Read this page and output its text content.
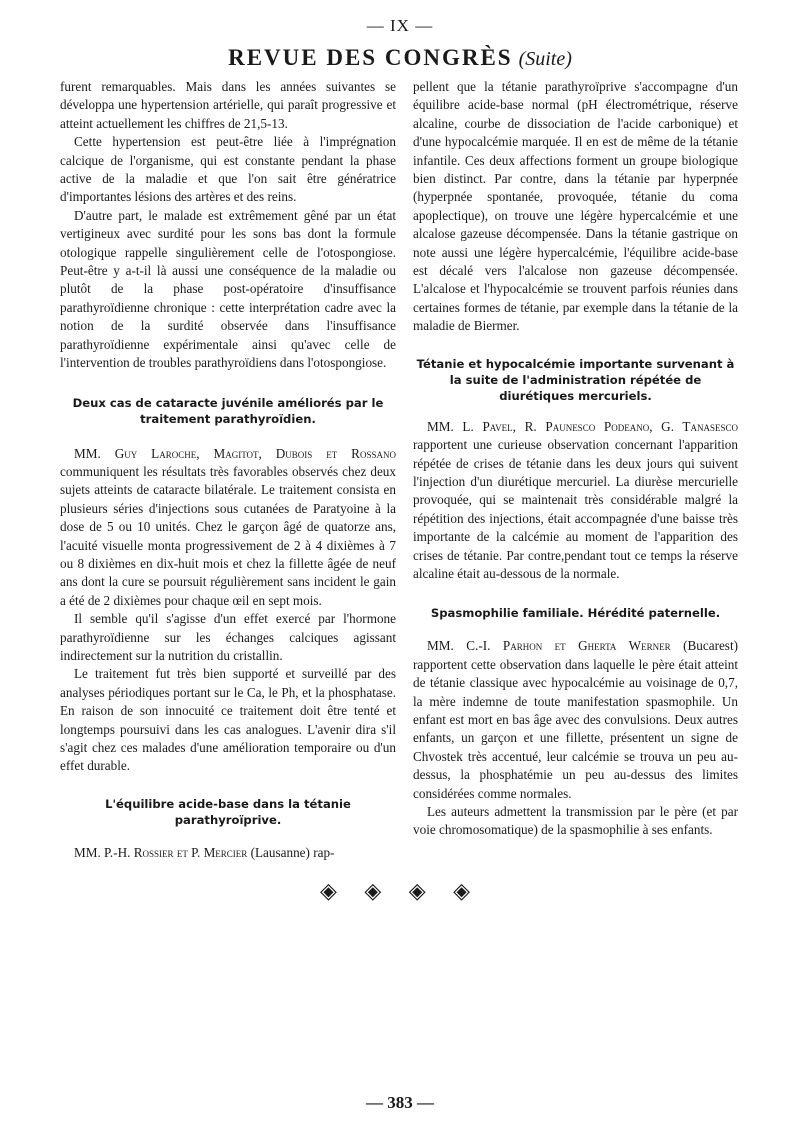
— IX —
REVUE DES CONGRÈS (Suite)

furent remarquables. Mais dans les années suivantes se développa une hypertension artérielle, qui paraît progressive et atteint actuellement les chiffres de 21,5-13.

Cette hypertension est peut-être liée à l'imprégnation calcique de l'organisme, qui est constante pendant la phase active de la maladie et que l'on sait être génératrice d'importantes lésions des artères et des reins.

D'autre part, le malade est extrêmement gêné par un état vertigineux avec surdité pour les sons bas dont la formule otologique rappelle singulièrement celle de l'otospongiose. Peut-être y a-t-il là aussi une conséquence de la maladie ou plutôt de la phase post-opératoire d'insuffisance parathyroïdienne chronique : cette interprétation cadre avec la notion de la surdité observée dans l'insuffisance parathyroïdienne expérimentale ainsi qu'avec celle de l'intervention de troubles parathyroïdiens dans l'otospongiose.

Deux cas de cataracte juvénile améliorés par le traitement parathyroïdien.

MM. Guy Laroche, Magitot, Dubois et Rossano communiquent les résultats très favorables observés chez deux sujets atteints de cataracte bilatérale. Le traitement consista en plusieurs séries d'injections sous cutanées de Paratyoine à la dose de 5 ou 10 unités. Chez le garçon âgé de quatorze ans, l'acuité visuelle monta progressivement de 2 à 4 dixièmes à 7 ou 8 dixièmes en dix-huit mois et chez la fillette âgée de neuf ans dont la cure se poursuit régulièrement sans incident le gain a été de 2 dixièmes pour chaque œil en sept mois.

Il semble qu'il s'agisse d'un effet exercé par l'hormone parathyroïdienne sur les échanges calciques agissant indirectement sur la nutrition du cristallin.

Le traitement fut très bien supporté et surveillé par des analyses périodiques portant sur le Ca, le Ph, et la phosphatase. En raison de son innocuité ce traitement doit être tenté et longtemps poursuivi dans les cas analogues. L'avenir dira s'il s'agit chez ces malades d'une amélioration temporaire ou d'un effet durable.

L'équilibre acide-base dans la tétanie parathyroïprive.

MM. P.-H. Rossier et P. Mercier (Lausanne) rap-

pellent que la tétanie parathyroïprive s'accompagne d'un équilibre acide-base normal (pH électrométrique, réserve alcaline, courbe de dissociation de l'acide carbonique) et d'une hypocalcémie marquée. Il en est de même de la tétanie infantile. Ces deux affections forment un groupe biologique bien distinct. Par contre, dans la tétanie par hyperpnée (hyperpnée spontanée, provoquée, tétanie du coma apoplectique), on trouve une légère hypercalcémie et une alcalose gazeuse décompensée. Dans la tétanie gastrique on note aussi une légère hypercalcémie, l'équilibre acide-base est décalé vers l'alcalose non gazeuse décompensée. L'alcalose et l'hypocalcémie se trouvent parfois réunies dans certaines formes de tétanie, par exemple dans la tétanie de la maladie de Biermer.

Tétanie et hypocalcémie importante survenant à la suite de l'administration répétée de diurétiques mercuriels.

MM. L. Pavel, R. Paunesco Podeano, G. Tanasesco rapportent une curieuse observation concernant l'apparition répétée de crises de tétanie dans les deux jours qui suivent l'injection d'un diurétique mercuriel. La diurèse mercurielle provoquée, qui se maintenait très considérable malgré la répétition des injections, était accompagnée d'une baisse très importante de la calcémie au moment de l'apparition des crises de tétanie. Par contre,pendant tout ce temps la réserve alcaline était au-dessous de la normale.

Spasmophilie familiale. Hérédité paternelle.

MM. C.-I. Parhon et Gherta Werner (Bucarest) rapportent cette observation dans laquelle le père était atteint de tétanie classique avec hypocalcémie au voisinage de 0,7, la mère indemne de toute manifestation spasmophile. Un enfant est mort en bas âge avec des convulsions. Deux autres enfants, un garçon et une fillette, présentent un signe de Chvostek très accentué, leur calcémie se trouva un peu au-dessus, la phosphatémie un peu au-dessus des limites considérées comme normales.

Les auteurs admettent la transmission par le père (et par voie chromosomatique) de la spasmophilie à ses enfants.

◈ ◈ ◈ ◈
— 383 —
